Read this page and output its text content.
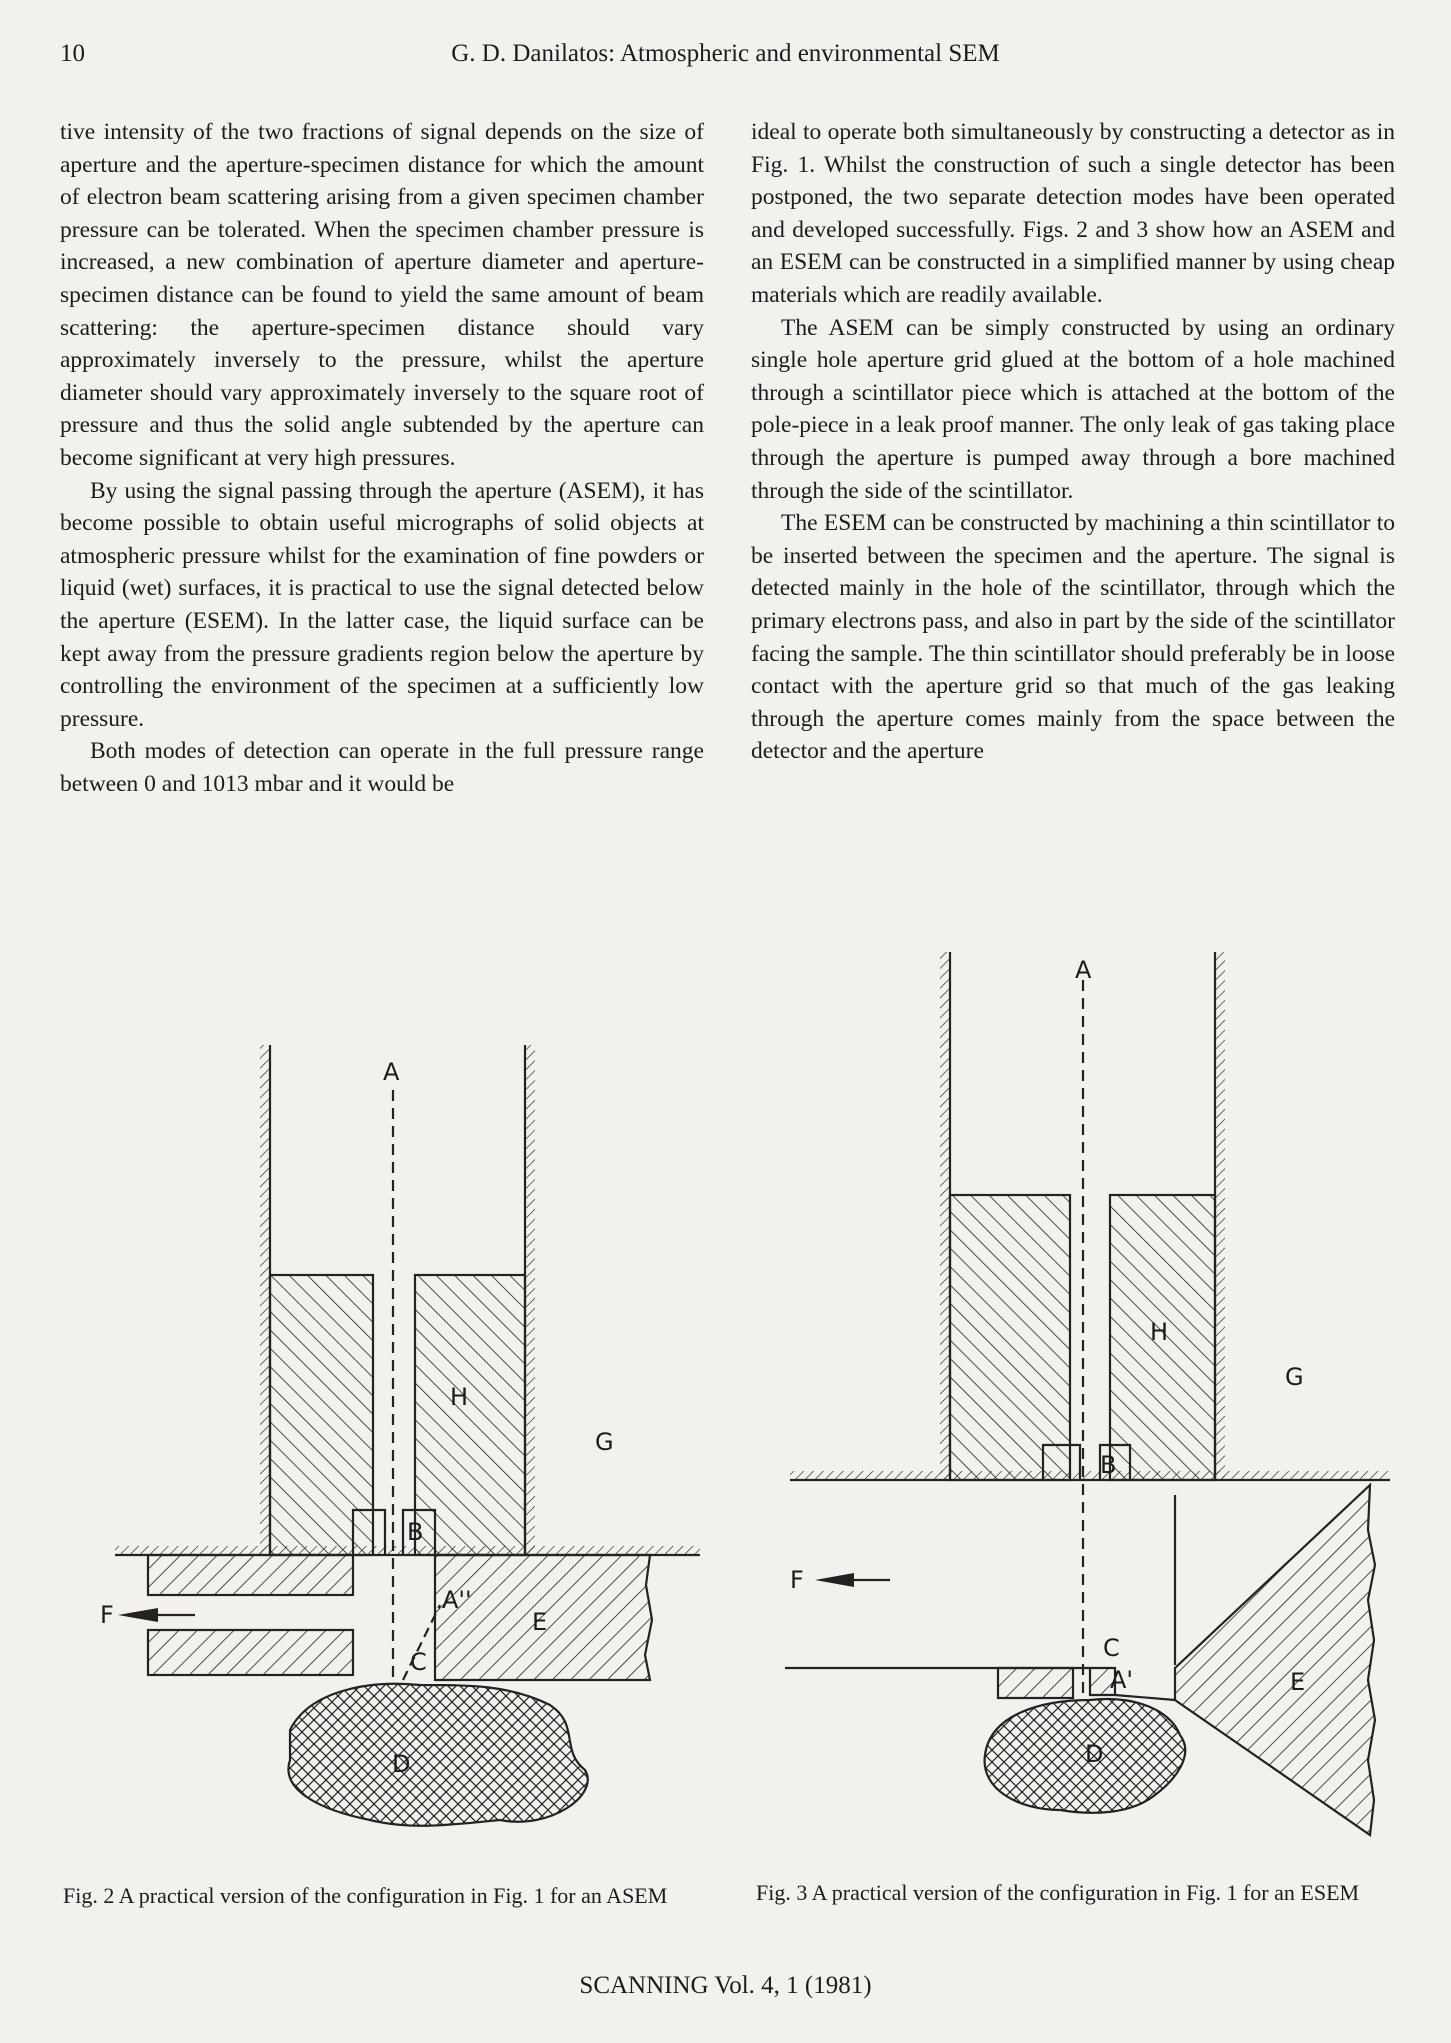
10	G. D. Danilatos: Atmospheric and environmental SEM

tive intensity of the two fractions of signal depends on the size of aperture and the aperture-specimen distance for which the amount of electron beam scattering arising from a given specimen chamber pressure can be tolerated. When the specimen chamber pressure is increased, a new combination of aperture diameter and aperture-specimen distance can be found to yield the same amount of beam scattering: the aperture-specimen distance should vary approximately inversely to the pressure, whilst the aperture diameter should vary approximately inversely to the square root of pressure and thus the solid angle subtended by the aperture can become significant at very high pressures.

By using the signal passing through the aperture (ASEM), it has become possible to obtain useful micrographs of solid objects at atmospheric pressure whilst for the examination of fine powders or liquid (wet) surfaces, it is practical to use the signal detected below the aperture (ESEM). In the latter case, the liquid surface can be kept away from the pressure gradients region below the aperture by controlling the environment of the specimen at a sufficiently low pressure.

Both modes of detection can operate in the full pressure range between 0 and 1013 mbar and it would be

ideal to operate both simultaneously by constructing a detector as in Fig. 1. Whilst the construction of such a single detector has been postponed, the two separate detection modes have been operated and developed successfully. Figs. 2 and 3 show how an ASEM and an ESEM can be constructed in a simplified manner by using cheap materials which are readily available.

The ASEM can be simply constructed by using an ordinary single hole aperture grid glued at the bottom of a hole machined through a scintillator piece which is attached at the bottom of the pole-piece in a leak proof manner. The only leak of gas taking place through the aperture is pumped away through a bore machined through the side of the scintillator.

The ESEM can be constructed by machining a thin scintillator to be inserted between the specimen and the aperture. The signal is detected mainly in the hole of the scintillator, through which the primary electrons pass, and also in part by the side of the scintillator facing the sample. The thin scintillator should preferably be in loose contact with the aperture grid so that much of the gas leaking through the aperture comes mainly from the space between the detector and the aperture

A
H
G
B
F
A''
E
C
D
A
H
G
B
F
C
A'	E
D
Fig. 2 A practical version of the configuration in Fig. 1 for an ASEM	Fig. 3 A practical version of the configuration in Fig. 1 for an ESEM
SCANNING Vol. 4, 1 (1981)
